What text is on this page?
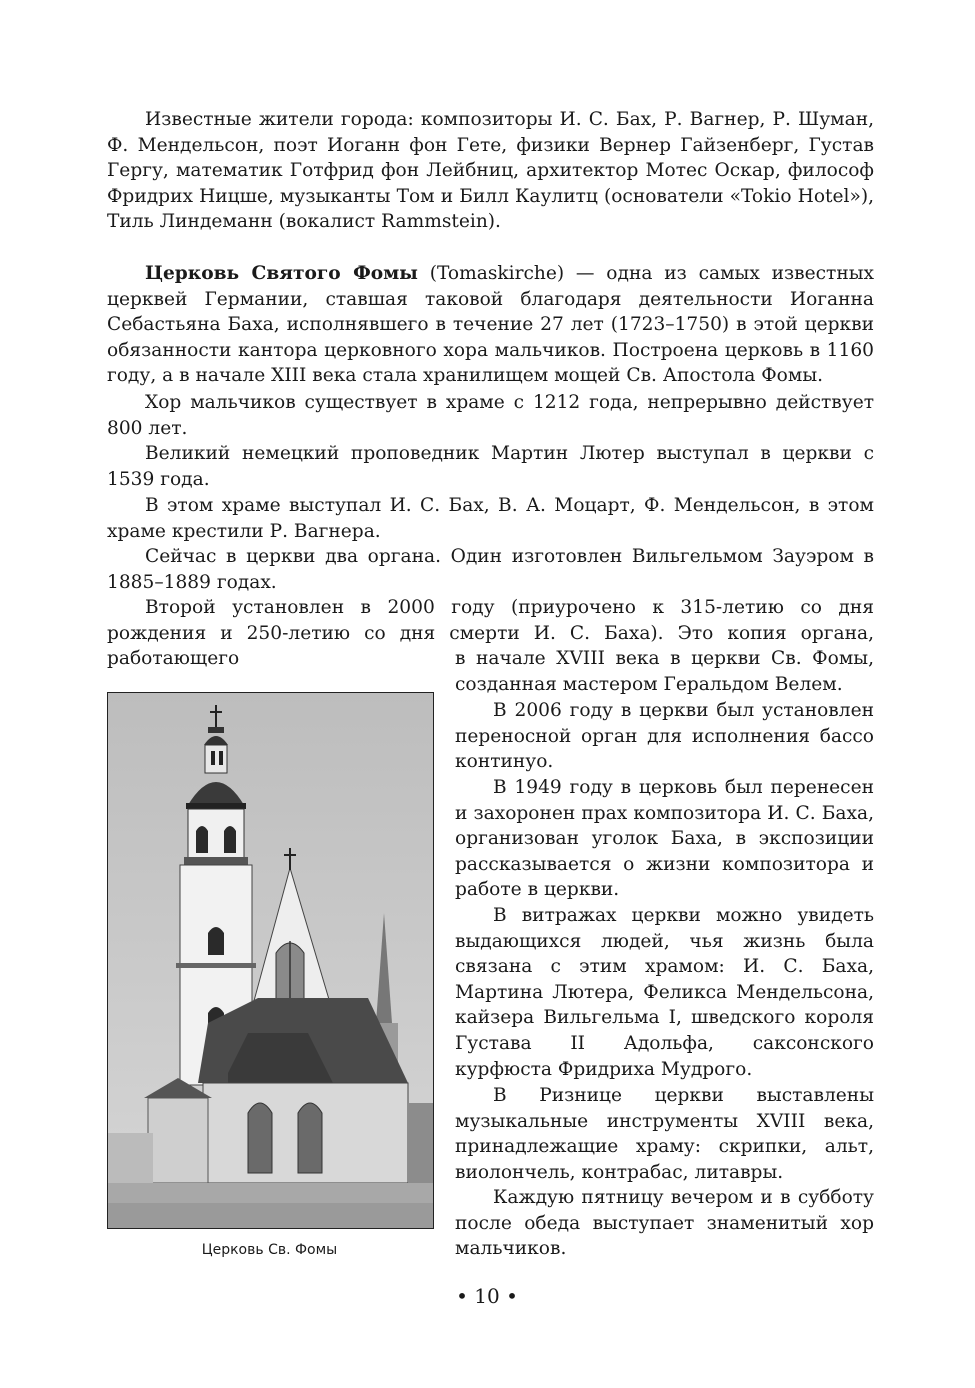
Известные жители города: композиторы И. С. Бах, Р. Вагнер, Р. Шуман, Ф. Мендельсон, поэт Иоганн фон Гете, физики Вернер Гайзенберг, Густав Гергу, математик Готфрид фон Лейбниц, архитектор Мотес Оскар, философ Фридрих Ницше, музыканты Том и Билл Каулитц (основатели «Tokio Hotel»), Тиль Линдеманн (вокалист Rammstein).

Церковь Святого Фомы (Tomaskirche) — одна из самых известных церквей Германии, ставшая таковой благодаря деятельности Иоганна Себастьяна Баха, исполнявшего в течение 27 лет (1723–1750) в этой церкви обязанности кантора церковного хора мальчиков. Построена церковь в 1160 году, а в начале XIII века стала хранилищем мощей Св. Апостола Фомы.

Хор мальчиков существует в храме с 1212 года, непрерывно действует 800 лет.

Великий немецкий проповедник Мартин Лютер выступал в церкви с 1539 года.

В этом храме выступал И. С. Бах, В. А. Моцарт, Ф. Мендельсон, в этом храме крестили Р. Вагнера.

Сейчас в церкви два органа. Один изготовлен Вильгельмом Зауэром в 1885–1889 годах.

Второй установлен в 2000 году (приурочено к 315-летию со дня рождения и 250-летию со дня смерти И. С. Баха). Это копия органа, работающего	в начале XVIII века в церкви Св. Фомы, созданная мастером Геральдом Велем.

В 2006 году в церкви был установлен переносной орган для исполнения бассо континуо.

В 1949 году в церковь был перенесен и захоронен прах композитора И. С. Баха, организован уголок Баха, в экспозиции рассказывается о жизни композитора и работе в церкви.

В витражах церкви можно увидеть выдающихся людей, чья жизнь была связана с этим храмом: И. С. Баха, Мартина Лютера, Феликса Мендельсона, кайзера Вильгельма I, шведского короля Густава II Адольфа, саксонского курфюста Фридриха Мудрого.

В Ризнице церкви выставлены музыкальные инструменты XVIII века, принадлежащие храму: скрипки, альт, виолончель, контрабас, литавры.

Каждую пятницу вечером и в субботу после обеда выступает знаменитый хор мальчиков.

Церковь Св. Фомы
• 10 •
